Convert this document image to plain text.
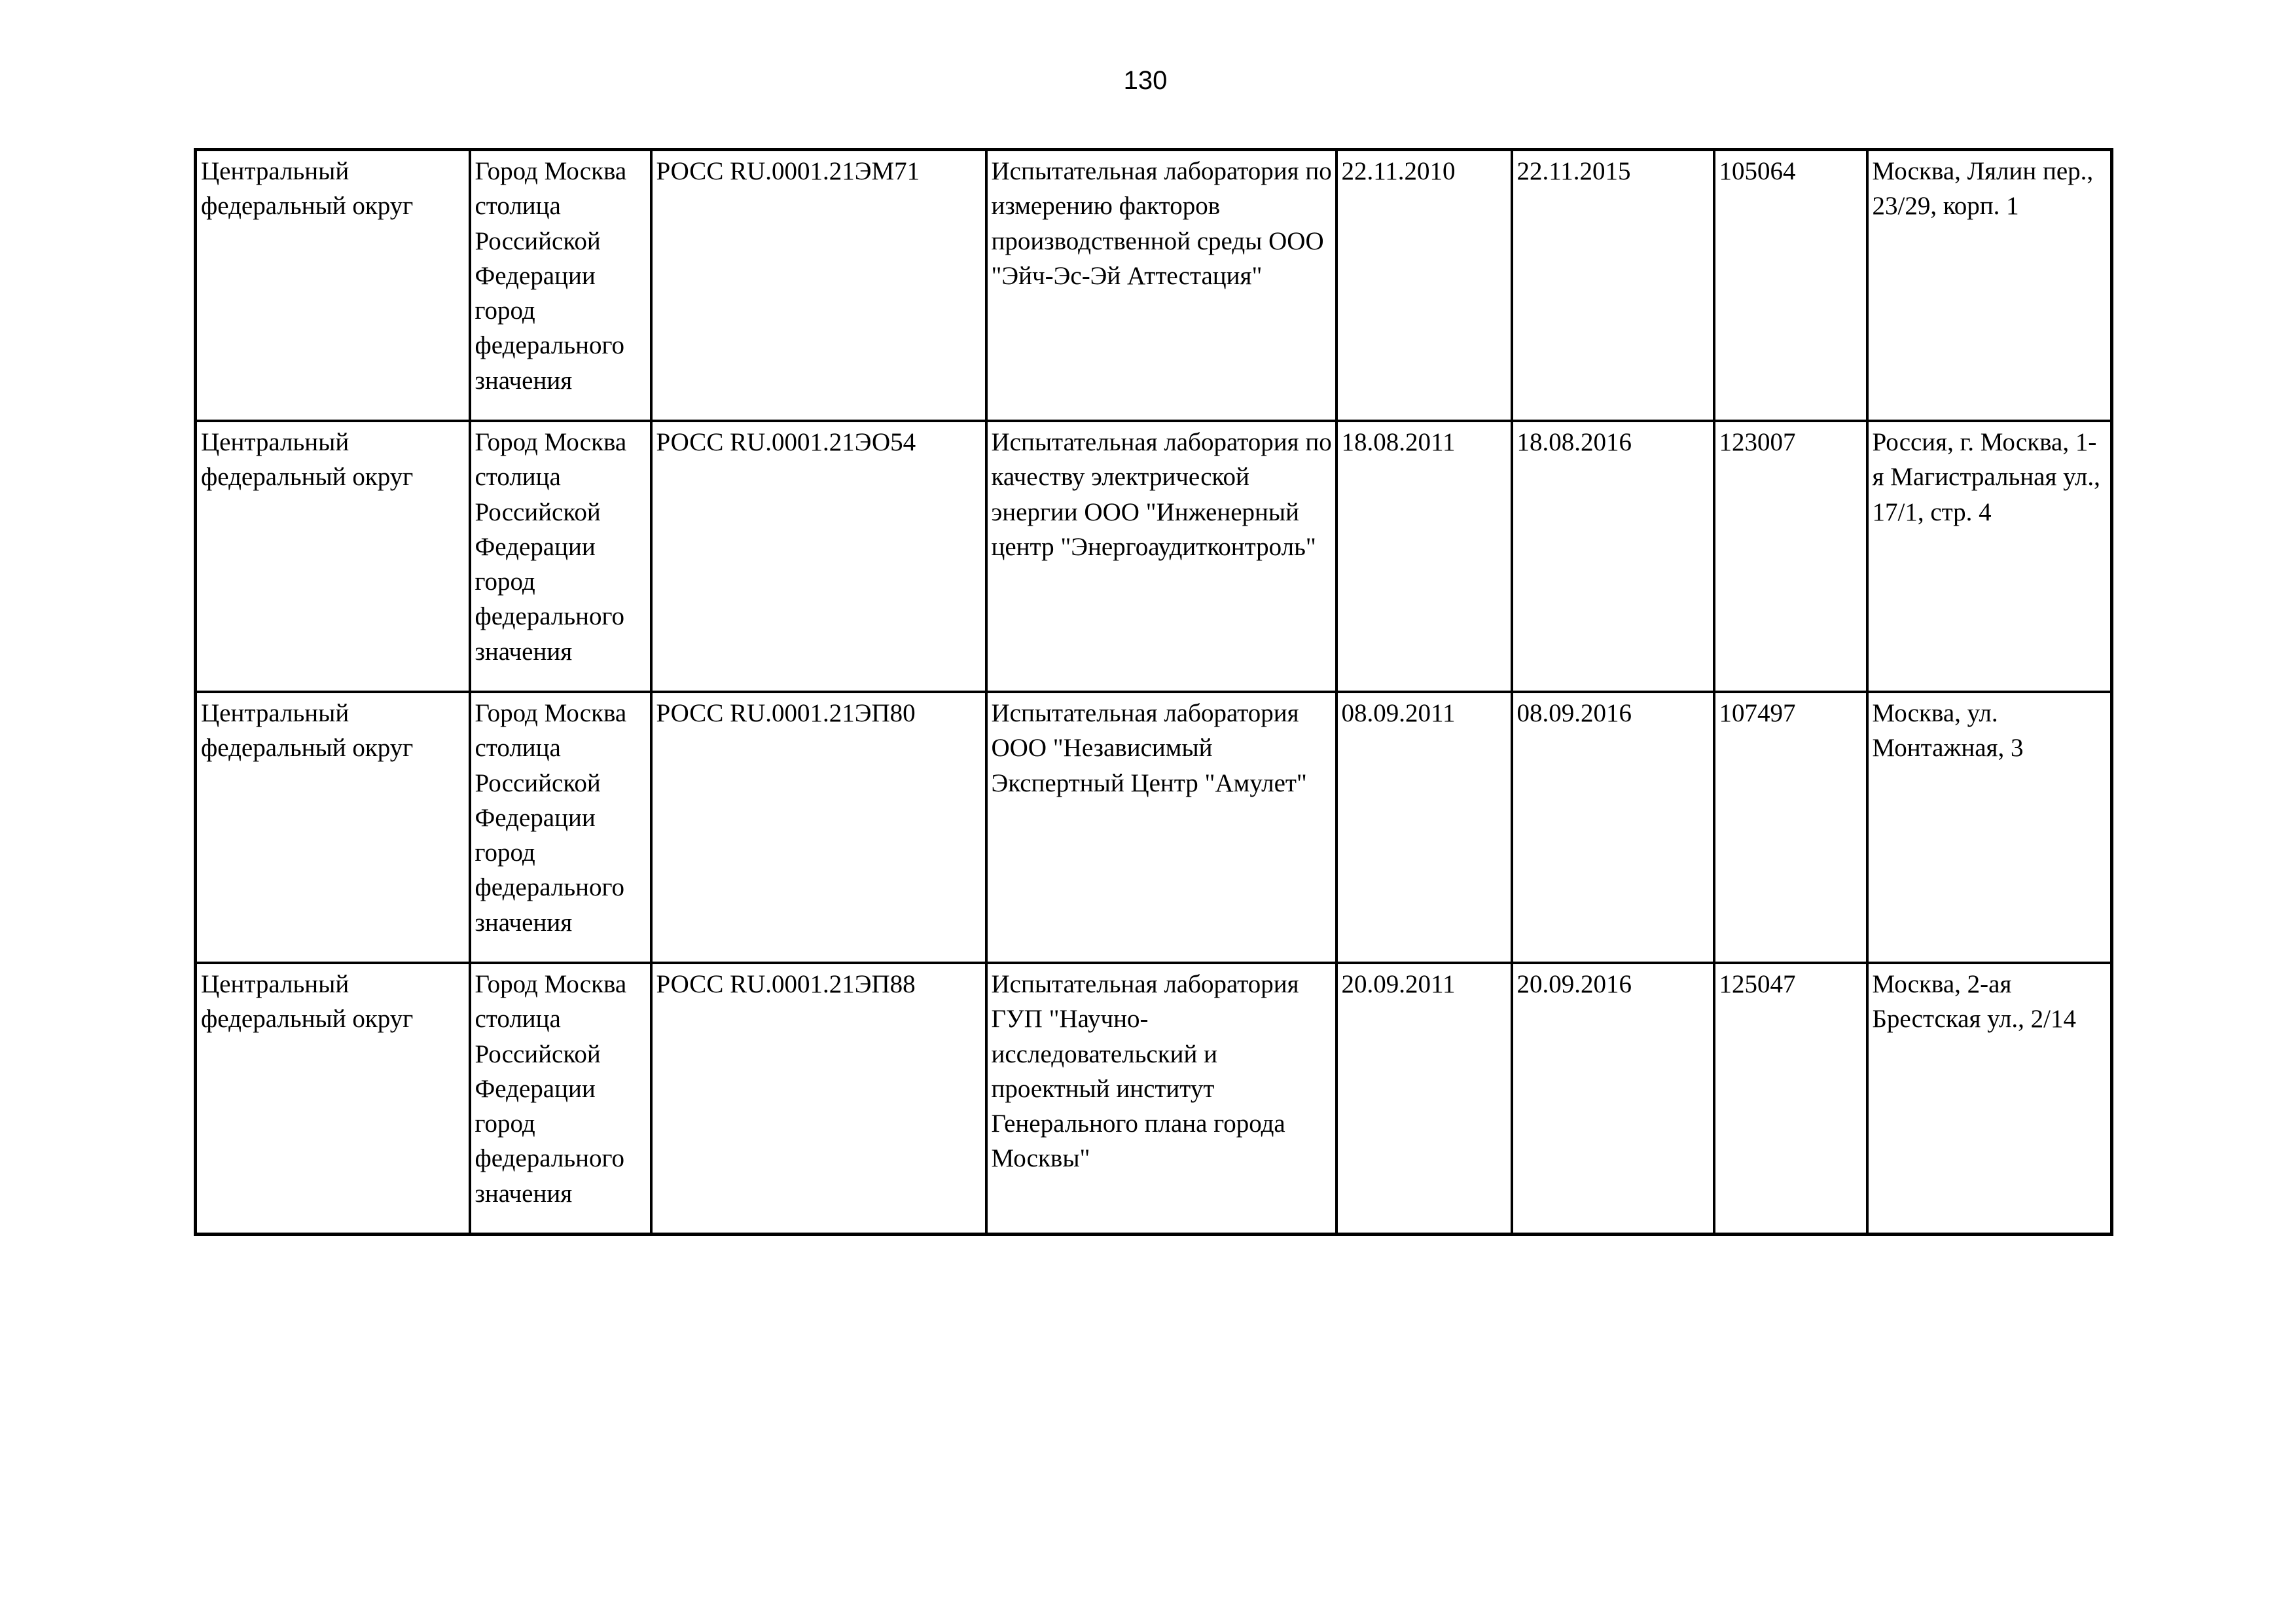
130
Центральный федеральный округ	Город Москва столица Российской Федерации город федерального значения	РОСС RU.0001.21ЭМ71	Испытательная лаборатория по измерению факторов производственной среды ООО "Эйч-Эс-Эй Аттестация"	22.11.2010	22.11.2015	105064	Москва, Лялин пер., 23/29, корп. 1

Центральный федеральный округ	Город Москва столица Российской Федерации город федерального значения	РОСС RU.0001.21ЭО54	Испытательная лаборатория по качеству электрической энергии ООО "Инженерный центр "Энергоаудитконтроль"	18.08.2011	18.08.2016	123007	Россия, г. Москва, 1-я Магистральная ул., 17/1, стр. 4

Центральный федеральный округ	Город Москва столица Российской Федерации город федерального значения	РОСС RU.0001.21ЭП80	Испытательная лаборатория ООО "Независимый Экспертный Центр "Амулет"	08.09.2011	08.09.2016	107497	Москва, ул. Монтажная, 3

Центральный федеральный округ	Город Москва столица Российской Федерации город федерального значения	РОСС RU.0001.21ЭП88	Испытательная лаборатория ГУП "Научно-исследовательский и проектный институт Генерального плана города Москвы"	20.09.2011	20.09.2016	125047	Москва, 2-ая Брестская ул., 2/14
